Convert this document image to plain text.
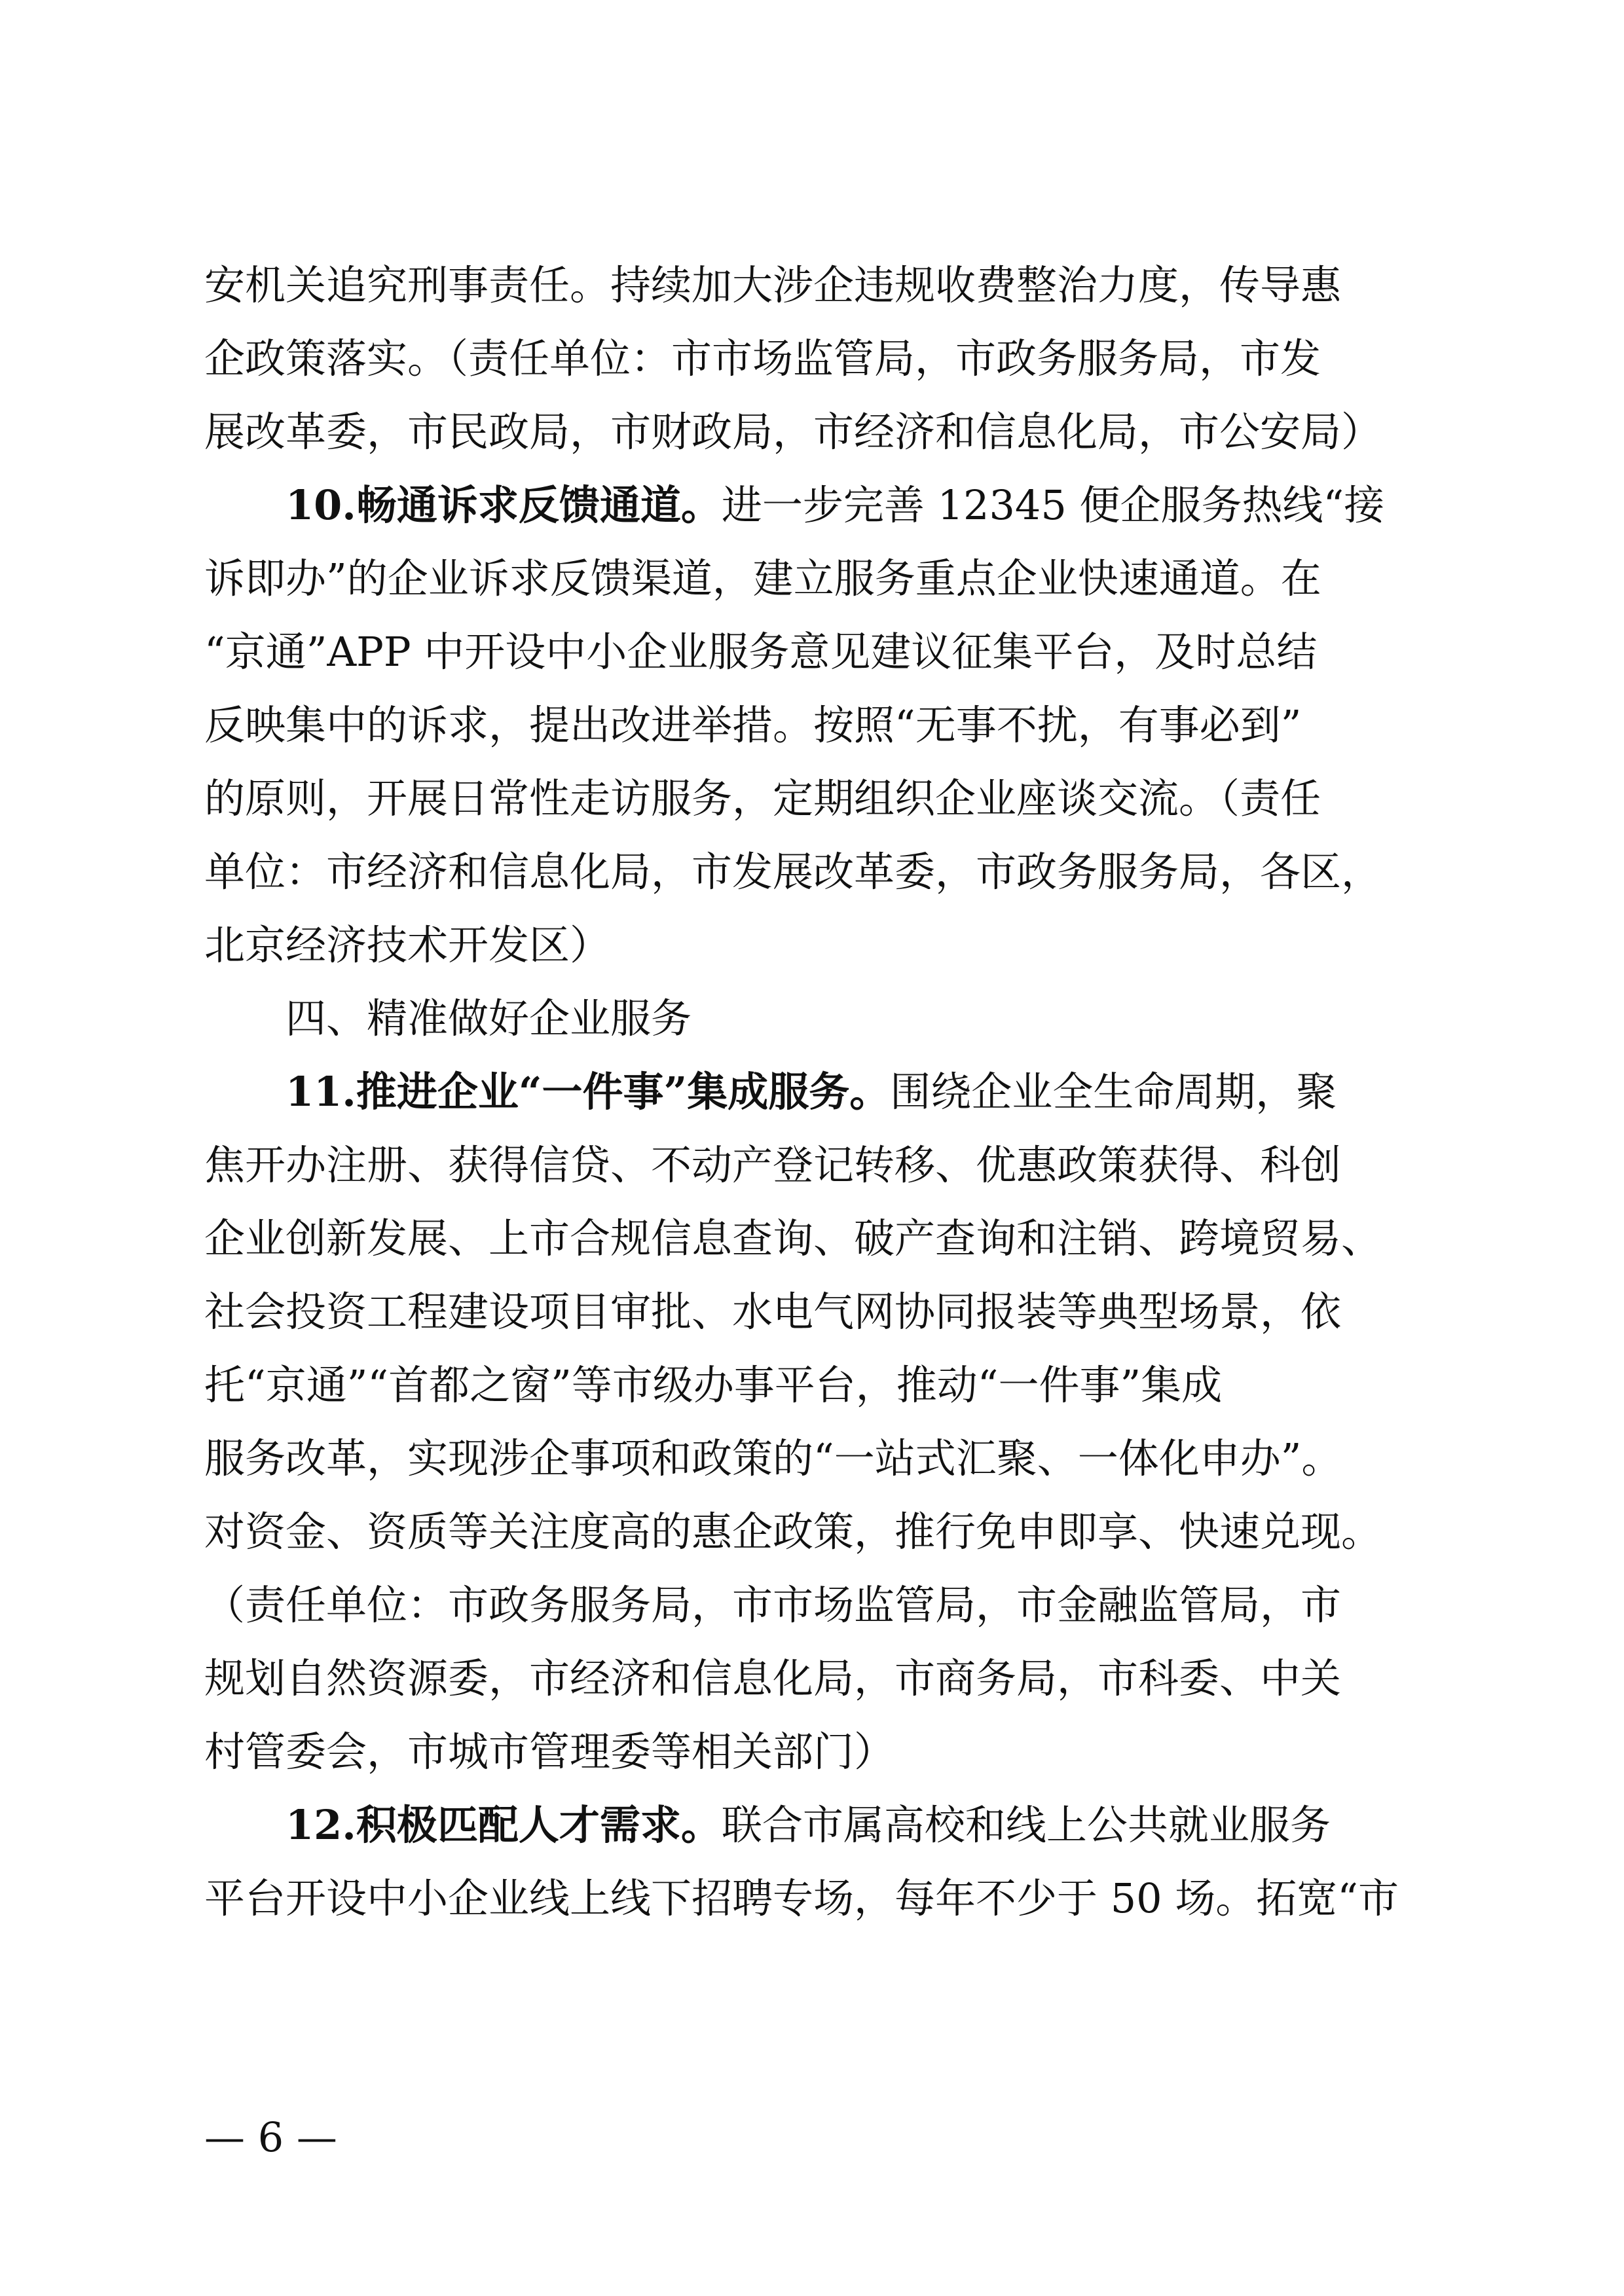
安机关追究刑事责任。持续加大涉企违规收费整治力度，传导惠
企政策落实。（责任单位：市市场监管局，市政务服务局，市发
展改革委，市民政局，市财政局，市经济和信息化局，市公安局）
10.畅通诉求反馈通道。进一步完善 12345 便企服务热线“接
诉即办”的企业诉求反馈渠道，建立服务重点企业快速通道。在
“京通”APP 中开设中小企业服务意见建议征集平台，及时总结
反映集中的诉求，提出改进举措。按照“无事不扰，有事必到”
的原则，开展日常性走访服务，定期组织企业座谈交流。（责任
单位：市经济和信息化局，市发展改革委，市政务服务局，各区，
北京经济技术开发区）
四、精准做好企业服务
11.推进企业“一件事”集成服务。围绕企业全生命周期，聚
焦开办注册、获得信贷、不动产登记转移、优惠政策获得、科创
企业创新发展、上市合规信息查询、破产查询和注销、跨境贸易、
社会投资工程建设项目审批、水电气网协同报装等典型场景，依
托“京通”“首都之窗”等市级办事平台，推动“一件事”集成
服务改革，实现涉企事项和政策的“一站式汇聚、一体化申办”。
对资金、资质等关注度高的惠企政策，推行免申即享、快速兑现。
（责任单位：市政务服务局，市市场监管局，市金融监管局，市
规划自然资源委，市经济和信息化局，市商务局，市科委、中关
村管委会，市城市管理委等相关部门）
12.积极匹配人才需求。联合市属高校和线上公共就业服务
平台开设中小企业线上线下招聘专场，每年不少于 50 场。拓宽“市
— 6 —
